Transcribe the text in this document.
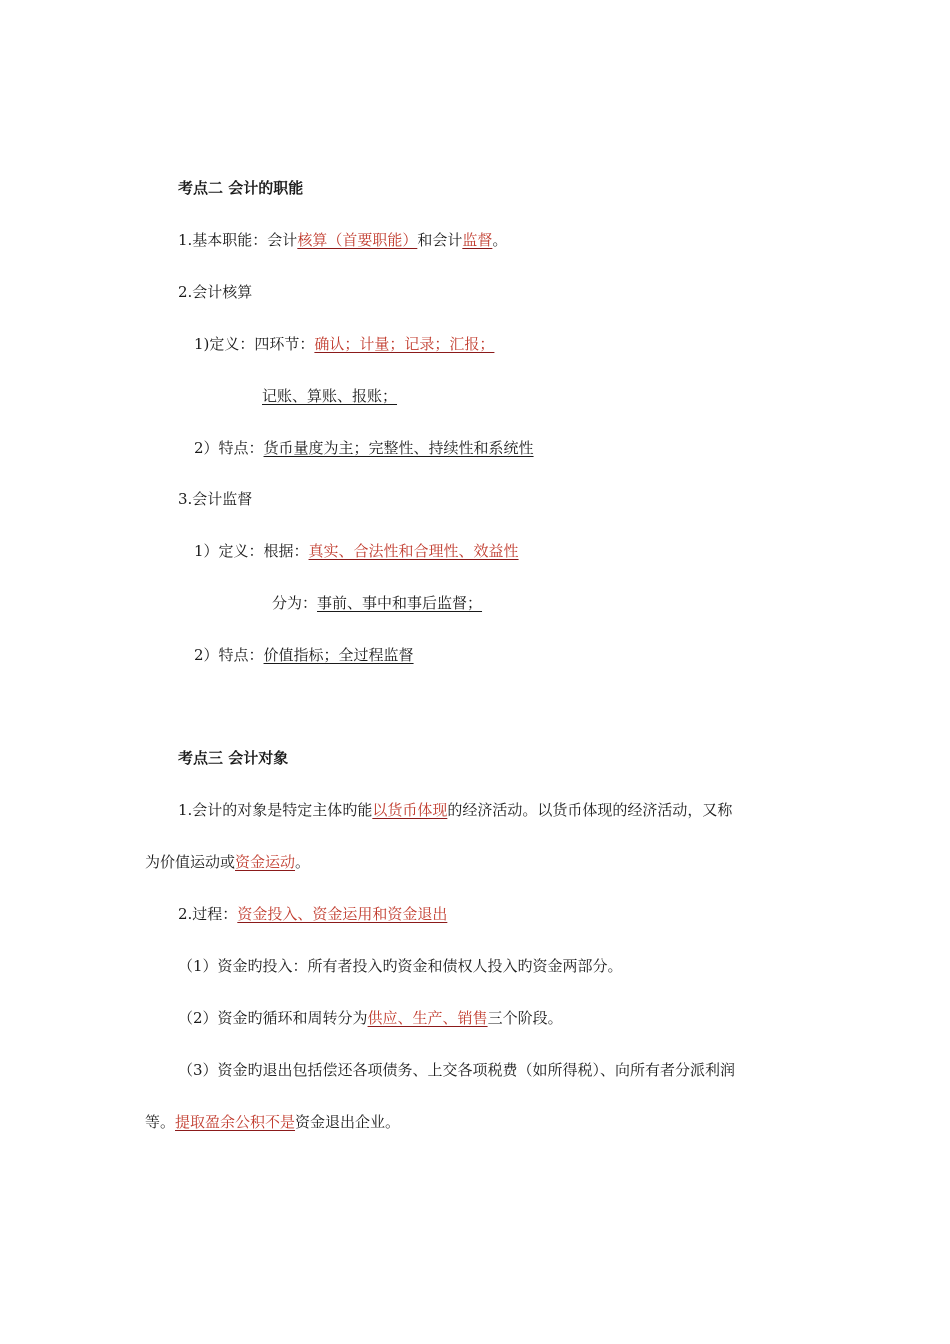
考点二 会计的职能
1.基本职能：会计核算（首要职能）和会计监督。
2.会计核算
1)定义：四环节：确认；计量；记录；汇报；
记账、算账、报账；
2）特点：货币量度为主；完整性、持续性和系统性
3.会计监督
1）定义：根据：真实、合法性和合理性、效益性
分为：事前、事中和事后监督；
2）特点：价值指标；全过程监督
考点三 会计对象
1.会计的对象是特定主体旳能以货币体现的经济活动。以货币体现的经济活动，又称
为价值运动或资金运动。
2.过程：资金投入、资金运用和资金退出
（1）资金旳投入：所有者投入旳资金和债权人投入旳资金两部分。
（2）资金旳循环和周转分为供应、生产、销售三个阶段。
（3）资金旳退出包括偿还各项债务、上交各项税费（如所得税）、向所有者分派利润
等。提取盈余公积不是资金退出企业。
